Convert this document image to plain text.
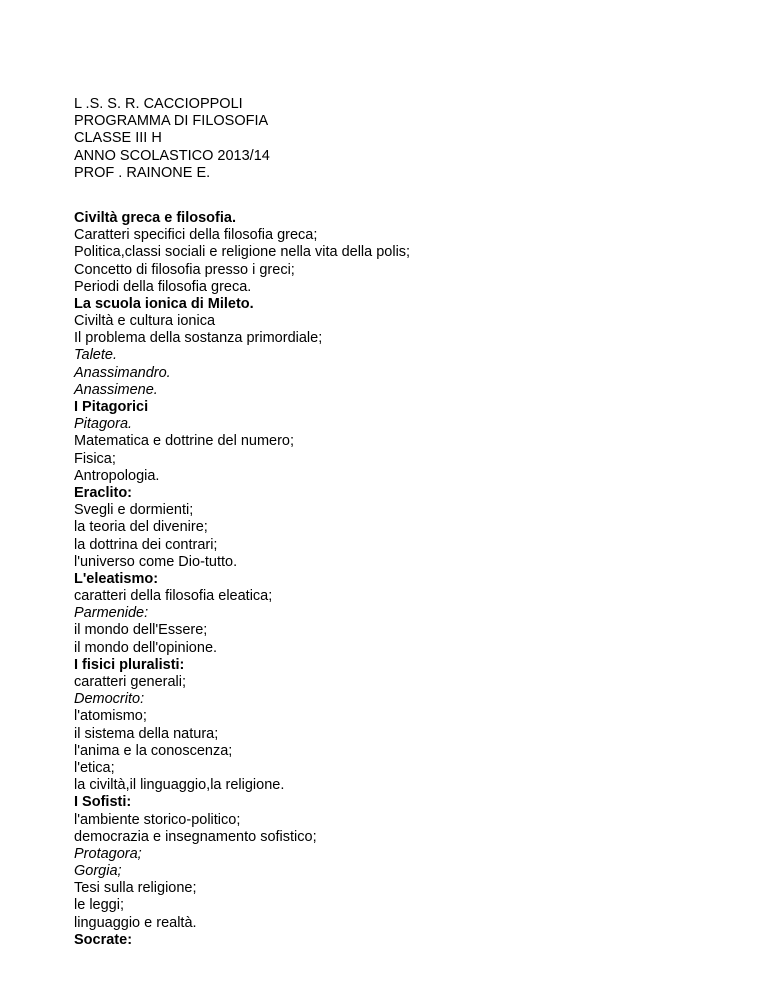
L .S. S. R. CACCIOPPOLI
PROGRAMMA DI FILOSOFIA
CLASSE III H
ANNO SCOLASTICO 2013/14
PROF . RAINONE E.
Civiltà greca e filosofia.
Caratteri specifici della filosofia greca;
Politica,classi sociali e religione nella vita della polis;
Concetto di filosofia presso i greci;
Periodi della filosofia greca.
La scuola ionica di Mileto.
Civiltà e cultura ionica
Il problema della sostanza primordiale;
Talete.
Anassimandro.
Anassimene.
I Pitagorici
Pitagora.
Matematica e dottrine del numero;
Fisica;
Antropologia.
Eraclito:
Svegli e dormienti;
la teoria del divenire;
la dottrina dei contrari;
l'universo come Dio-tutto.
L'eleatismo:
caratteri della filosofia eleatica;
Parmenide:
il mondo dell'Essere;
il mondo dell'opinione.
I fisici pluralisti:
caratteri generali;
Democrito:
l'atomismo;
il sistema della natura;
l'anima e la conoscenza;
l'etica;
la civiltà,il linguaggio,la religione.
I Sofisti:
l'ambiente storico-politico;
democrazia e insegnamento sofistico;
Protagora;
Gorgia;
Tesi sulla religione;
le leggi;
linguaggio e realtà.
Socrate:
